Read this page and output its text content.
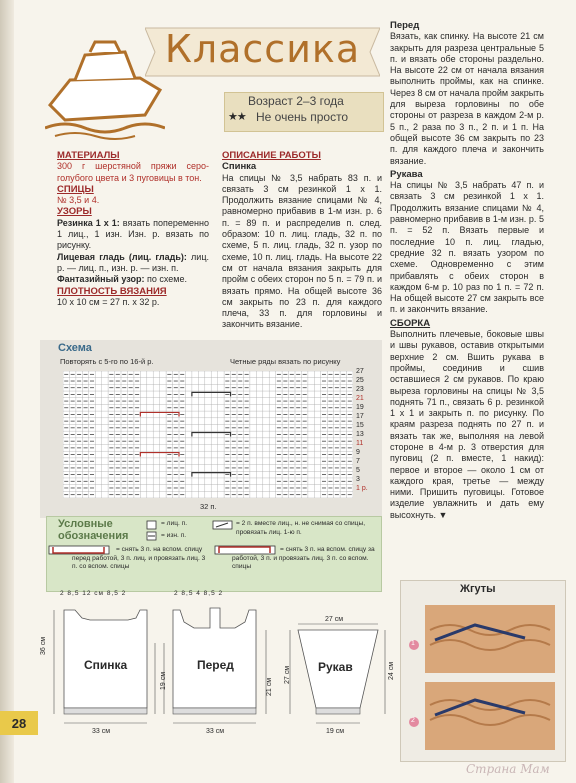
Классика
Возраст 2–3 года
★★ Не очень просто
МАТЕРИАЛЫ
300 г шерстяной пряжи серо-голубого цвета и 3 пуговицы в тон.
СПИЦЫ
№ 3,5 и 4.
УЗОРЫ
Резинка 1 х 1: вязать попеременно 1 лиц., 1 изн. Изн. р. вязать по рисунку.
Лицевая гладь (лиц. гладь): лиц. р. — лиц. п., изн. р. — изн. п.
Фантазийный узор: по схеме.
ПЛОТНОСТЬ ВЯЗАНИЯ
10 х 10 см = 27 п. х 32 р.
ОПИСАНИЕ РАБОТЫ
Спинка
На спицы № 3,5 набрать 83 п. и связать 3 см резинкой 1 х 1. Продолжить вязание спицами № 4, равномерно прибавив в 1-м изн. р. 6 п. = 89 п. и распределив п. след. образом: 10 п. лиц. гладь, 32 п. по схеме, 5 п. лиц. гладь, 32 п. узор по схеме, 10 п. лиц. гладь. На высоте 22 см от начала вязания закрыть для пройм с обеих сторон по 5 п. = 79 п. и вязать прямо. На общей высоте 36 см закрыть по 23 п. для каждого плеча, 33 п. для горловины и закончить вязание.
Перед
Вязать, как спинку. На высоте 21 см закрыть для разреза центральные 5 п. и вязать обе стороны раздельно. На высоте 22 см от начала вязания выполнить проймы, как на спинке. Через 8 см от начала пройм закрыть для выреза горловины по обе стороны от разреза в каждом 2-м р. 5 п., 2 раза по 3 п., 2 п. и 1 п. На общей высоте 36 см закрыть по 23 п. для каждого плеча и закончить вязание.
Рукава
На спицы № 3,5 набрать 47 п. и связать 3 см резинкой 1 х 1. Продолжить вязание спицами № 4, равномерно прибавив в 1-м изн. р. 5 п. = 52 п. Вязать первые и последние 10 п. лиц. гладью, средние 32 п. вязать узором по схеме. Одновременно с этим прибавлять с обеих сторон в каждом 6-м р. 10 раз по 1 п. = 72 п. На общей высоте 27 см закрыть все п. и закончить вязание.
СБОРКА
Выполнить плечевые, боковые швы и швы рукавов, оставив открытыми верхние 2 см. Вшить рукава в проймы, соединив и сшив оставшиеся 2 см рукавов. По краю выреза горловины на спицы № 3,5 поднять 71 п., связать 6 р. резинкой 1 х 1 и закрыть п. по рисунку. По краям разреза поднять по 27 п. и вязать так же, выполняя на левой стороне в 4-м р. 3 отверстия для пуговиц (2 п. вместе, 1 накид): первое и второе — около 1 см от каждого края, третье — между ними. Пришить пуговицы. Готовое изделие увлажнить и дать ему высохнуть. ▼
Схема
Повторять с 5-го по 16-й р.	Четные ряды вязать по рисунку
27
25
23
21
19
17
15
13
11
9
7
5
3
1 р.
32 п.
Условные
обозначения
= лиц. п.
= изн. п.
= 2 п. вместе лиц., н. не снимая со спицы, провязать лиц. 1-ю п.
= снять 3 п. на вспом. спицу перед работой, 3 п. лиц. и провязать лиц. 3 п. со вспом. спицы
= снять 3 п. на вспом. спицу за работой, 3 п. и провязать лиц. 3 п. со вспом. спицы
2 8,5 12 см 8,5 2
Спинка
36 см
33 см
2 8,5 4 8,5 2
Перед
19 см	21 см
33 см
27 см
Рукав	24 см
27 см
19 см
Жгуты
1
2
28
Страна Мам
